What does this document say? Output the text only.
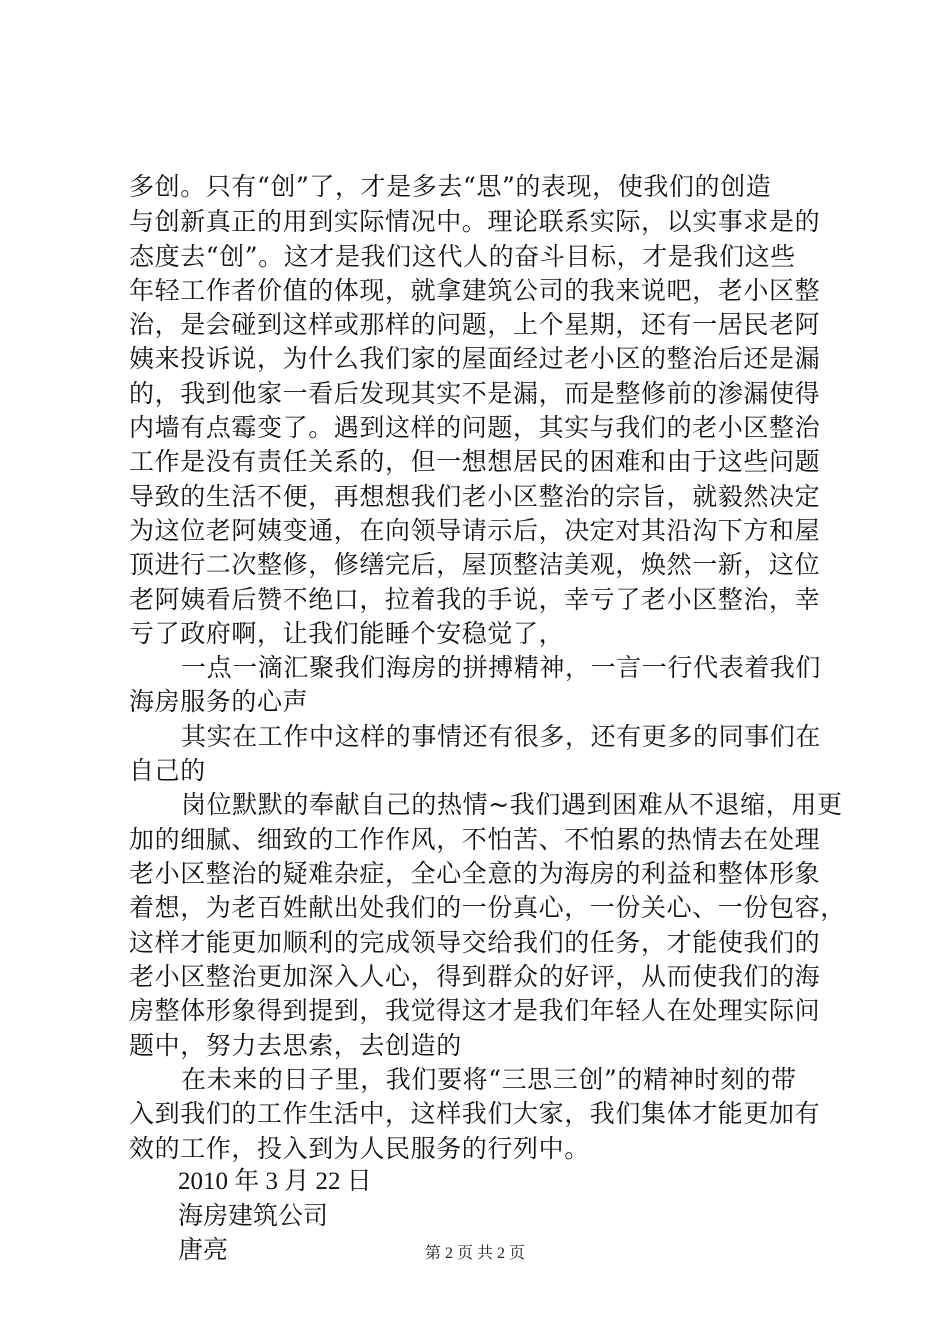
多创。只有“创”了，才是多去“思”的表现，使我们的创造
与创新真正的用到实际情况中。理论联系实际，以实事求是的
态度去“创”。这才是我们这代人的奋斗目标，才是我们这些
年轻工作者价值的体现，就拿建筑公司的我来说吧，老小区整
治，是会碰到这样或那样的问题，上个星期，还有一居民老阿
姨来投诉说，为什么我们家的屋面经过老小区的整治后还是漏
的，我到他家一看后发现其实不是漏，而是整修前的渗漏使得
内墙有点霉变了。遇到这样的问题，其实与我们的老小区整治
工作是没有责任关系的，但一想想居民的困难和由于这些问题
导致的生活不便，再想想我们老小区整治的宗旨，就毅然决定
为这位老阿姨变通，在向领导请示后，决定对其沿沟下方和屋
顶进行二次整修，修缮完后，屋顶整洁美观，焕然一新，这位
老阿姨看后赞不绝口，拉着我的手说，幸亏了老小区整治，幸
亏了政府啊，让我们能睡个安稳觉了，
一点一滴汇聚我们海房的拼搏精神，一言一行代表着我们
海房服务的心声
其实在工作中这样的事情还有很多，还有更多的同事们在
自己的
岗位默默的奉献自己的热情~我们遇到困难从不退缩，用更
加的细腻、细致的工作作风，不怕苦、不怕累的热情去在处理
老小区整治的疑难杂症，全心全意的为海房的利益和整体形象
着想，为老百姓献出处我们的一份真心，一份关心、一份包容，
这样才能更加顺利的完成领导交给我们的任务，才能使我们的
老小区整治更加深入人心，得到群众的好评，从而使我们的海
房整体形象得到提到，我觉得这才是我们年轻人在处理实际问
题中，努力去思索，去创造的
在未来的日子里，我们要将“三思三创”的精神时刻的带
入到我们的工作生活中，这样我们大家，我们集体才能更加有
效的工作，投入到为人民服务的行列中。
2010 年 3 月 22 日
海房建筑公司
唐亮	第 2 页 共 2 页
